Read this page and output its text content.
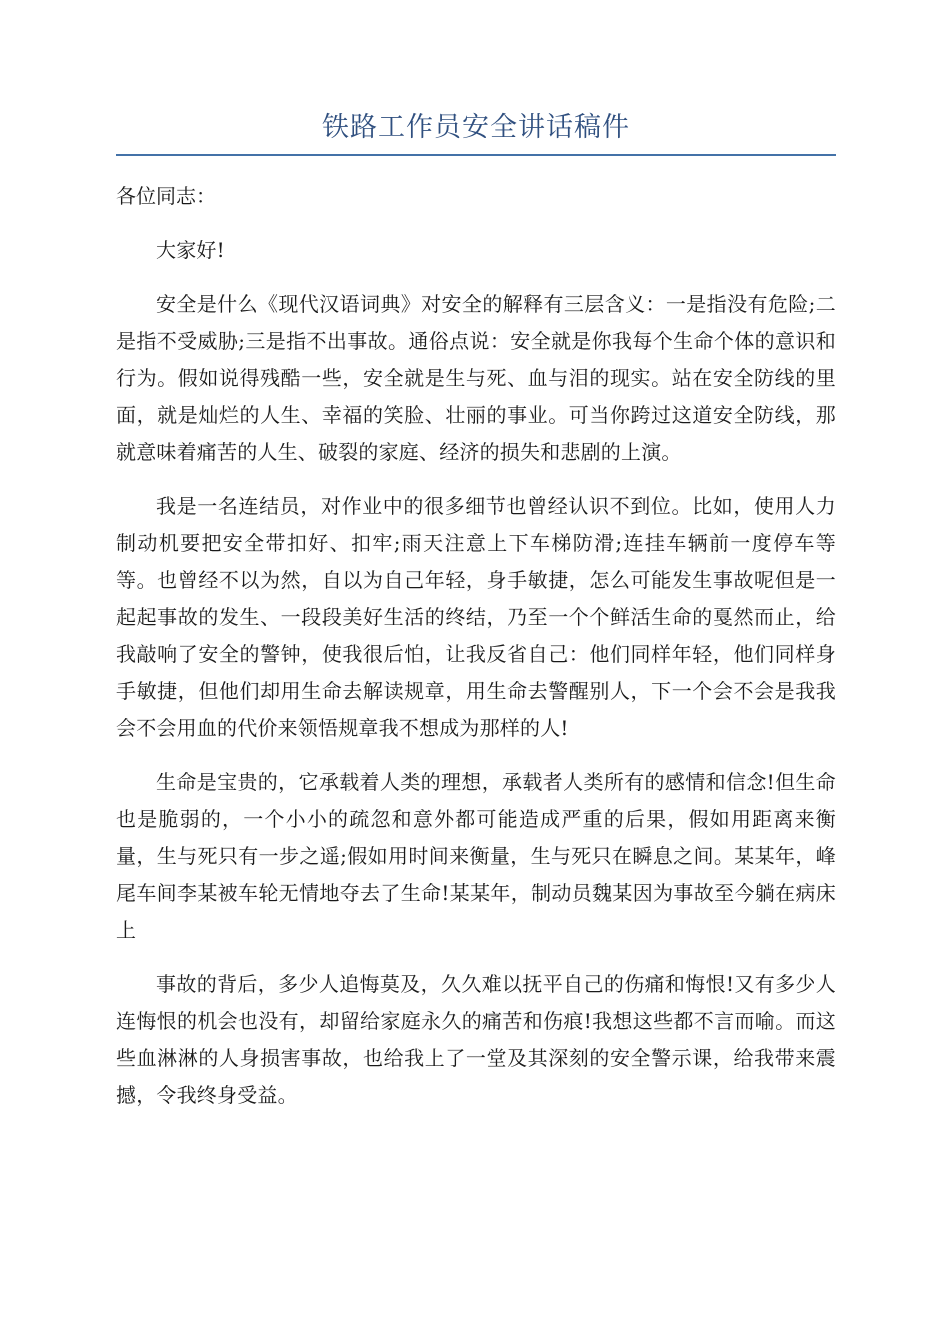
铁路工作员安全讲话稿件

各位同志：

大家好!

安全是什么《现代汉语词典》对安全的解释有三层含义：一是指没有危险;二是指不受威胁;三是指不出事故。通俗点说：安全就是你我每个生命个体的意识和行为。假如说得残酷一些，安全就是生与死、血与泪的现实。站在安全防线的里面，就是灿烂的人生、幸福的笑脸、壮丽的事业。可当你跨过这道安全防线，那就意味着痛苦的人生、破裂的家庭、经济的损失和悲剧的上演。

我是一名连结员，对作业中的很多细节也曾经认识不到位。比如，使用人力制动机要把安全带扣好、扣牢;雨天注意上下车梯防滑;连挂车辆前一度停车等等。也曾经不以为然，自以为自己年轻，身手敏捷，怎么可能发生事故呢但是一起起事故的发生、一段段美好生活的终结，乃至一个个鲜活生命的戛然而止，给我敲响了安全的警钟，使我很后怕，让我反省自己：他们同样年轻，他们同样身手敏捷，但他们却用生命去解读规章，用生命去警醒别人，下一个会不会是我我会不会用血的代价来领悟规章我不想成为那样的人!

生命是宝贵的，它承载着人类的理想，承载者人类所有的感情和信念!但生命也是脆弱的，一个小小的疏忽和意外都可能造成严重的后果，假如用距离来衡量，生与死只有一步之遥;假如用时间来衡量，生与死只在瞬息之间。某某年，峰尾车间李某被车轮无情地夺去了生命!某某年，制动员魏某因为事故至今躺在病床上

事故的背后，多少人追悔莫及，久久难以抚平自己的伤痛和悔恨!又有多少人连悔恨的机会也没有，却留给家庭永久的痛苦和伤痕!我想这些都不言而喻。而这些血淋淋的人身损害事故，也给我上了一堂及其深刻的安全警示课，给我带来震撼，令我终身受益。
